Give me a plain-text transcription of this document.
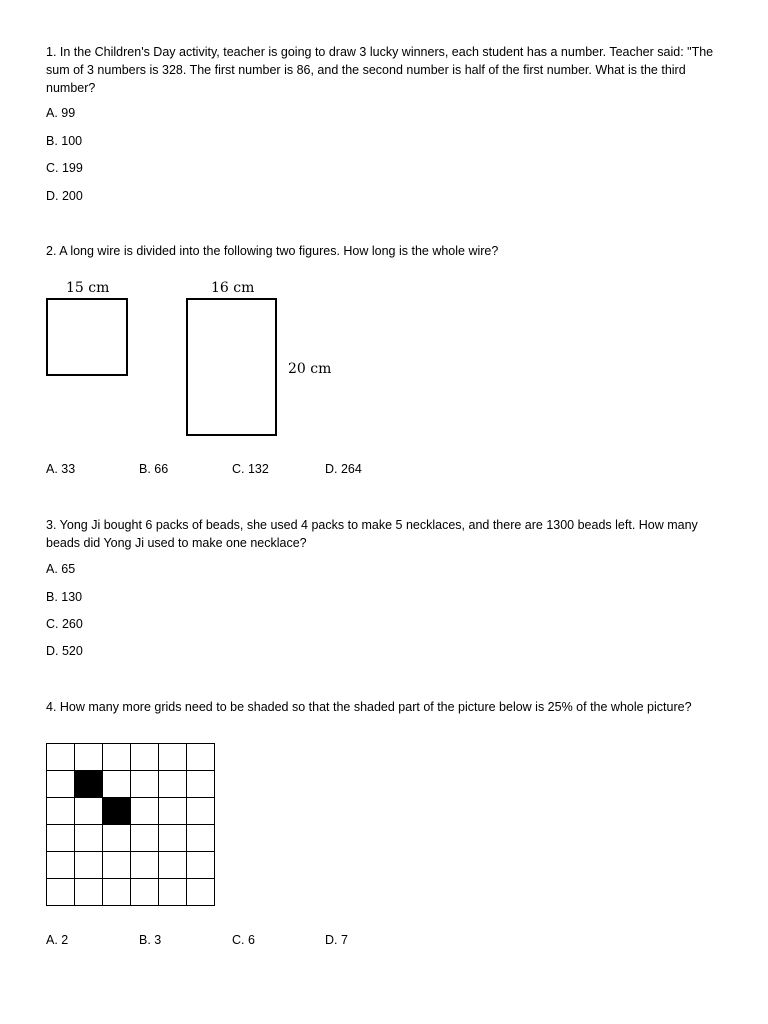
1. In the Children's Day activity, teacher is going to draw 3 lucky winners, each student has a number. Teacher said: "The sum of 3 numbers is 328. The first number is 86, and the second number is half of the first number. What is the third number?

A. 99
B. 100
C. 199
D. 200

2. A long wire is divided into the following two figures. How long is the whole wire?

15 cm	16 cm
20 cm
A. 33	B. 66	C. 132	D. 264

3. Yong Ji bought 6 packs of beads, she used 4 packs to make 5 necklaces, and there are 1300 beads left. How many beads did Yong Ji used to make one necklace?

A. 65
B. 130
C. 260
D. 520

4. How many more grids need to be shaded so that the shaded part of the picture below is 25% of the whole picture?

A. 2	B. 3	C. 6	D. 7
